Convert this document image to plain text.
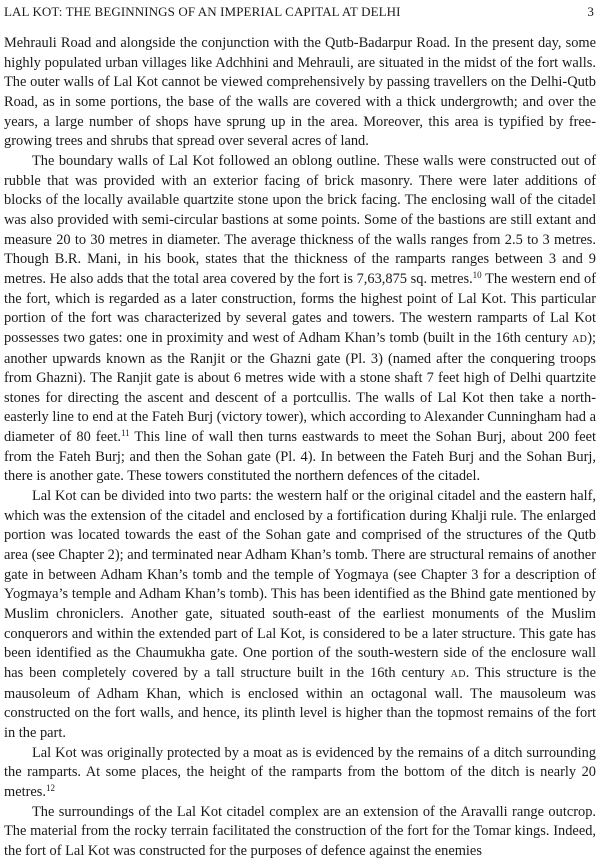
LAL KOT: THE BEGINNINGS OF AN IMPERIAL CAPITAL AT DELHI	3

Mehrauli Road and alongside the conjunction with the Qutb-Badarpur Road. In the present day, some highly populated urban villages like Adchhini and Mehrauli, are situated in the midst of the fort walls. The outer walls of Lal Kot cannot be viewed comprehensively by passing travellers on the Delhi-Qutb Road, as in some portions, the base of the walls are covered with a thick undergrowth; and over the years, a large number of shops have sprung up in the area. Moreover, this area is typified by free-growing trees and shrubs that spread over several acres of land.

The boundary walls of Lal Kot followed an oblong outline. These walls were constructed out of rubble that was provided with an exterior facing of brick masonry. There were later additions of blocks of the locally available quartzite stone upon the brick facing. The enclosing wall of the citadel was also provided with semi-circular bastions at some points. Some of the bastions are still extant and measure 20 to 30 metres in diameter. The average thickness of the walls ranges from 2.5 to 3 metres. Though B.R. Mani, in his book, states that the thickness of the ramparts ranges between 3 and 9 metres. He also adds that the total area covered by the fort is 7,63,875 sq. metres.$^{10}$ The western end of the fort, which is regarded as a later construction, forms the highest point of Lal Kot. This particular portion of the fort was characterized by several gates and towers. The western ramparts of Lal Kot possesses two gates: one in proximity and west of Adham Khan’s tomb (built in the 16th century AD); another upwards known as the Ranjit or the Ghazni gate (Pl. 3) (named after the conquering troops from Ghazni). The Ranjit gate is about 6 metres wide with a stone shaft 7 feet high of Delhi quartzite stones for directing the ascent and descent of a portcullis. The walls of Lal Kot then take a north-easterly line to end at the Fateh Burj (victory tower), which according to Alexander Cunningham had a diameter of 80 feet.$^{11}$ This line of wall then turns eastwards to meet the Sohan Burj, about 200 feet from the Fateh Burj; and then the Sohan gate (Pl. 4). In between the Fateh Burj and the Sohan Burj, there is another gate. These towers constituted the northern defences of the citadel.

Lal Kot can be divided into two parts: the western half or the original citadel and the eastern half, which was the extension of the citadel and enclosed by a fortification during Khalji rule. The enlarged portion was located towards the east of the Sohan gate and comprised of the structures of the Qutb area (see Chapter 2); and terminated near Adham Khan’s tomb. There are structural remains of another gate in between Adham Khan’s tomb and the temple of Yogmaya (see Chapter 3 for a description of Yogmaya’s temple and Adham Khan’s tomb). This has been identified as the Bhind gate mentioned by Muslim chroniclers. Another gate, situated south-east of the earliest monuments of the Muslim conquerors and within the extended part of Lal Kot, is considered to be a later structure. This gate has been identified as the Chaumukha gate. One portion of the south-western side of the enclosure wall has been completely covered by a tall structure built in the 16th century AD. This structure is the mausoleum of Adham Khan, which is enclosed within an octagonal wall. The mausoleum was constructed on the fort walls, and hence, its plinth level is higher than the topmost remains of the fort in the part.

Lal Kot was originally protected by a moat as is evidenced by the remains of a ditch surrounding the ramparts. At some places, the height of the ramparts from the bottom of the ditch is nearly 20 metres.$^{12}$

The surroundings of the Lal Kot citadel complex are an extension of the Aravalli range outcrop. The material from the rocky terrain facilitated the construction of the fort for the Tomar kings. Indeed, the fort of Lal Kot was constructed for the purposes of defence against the enemies
